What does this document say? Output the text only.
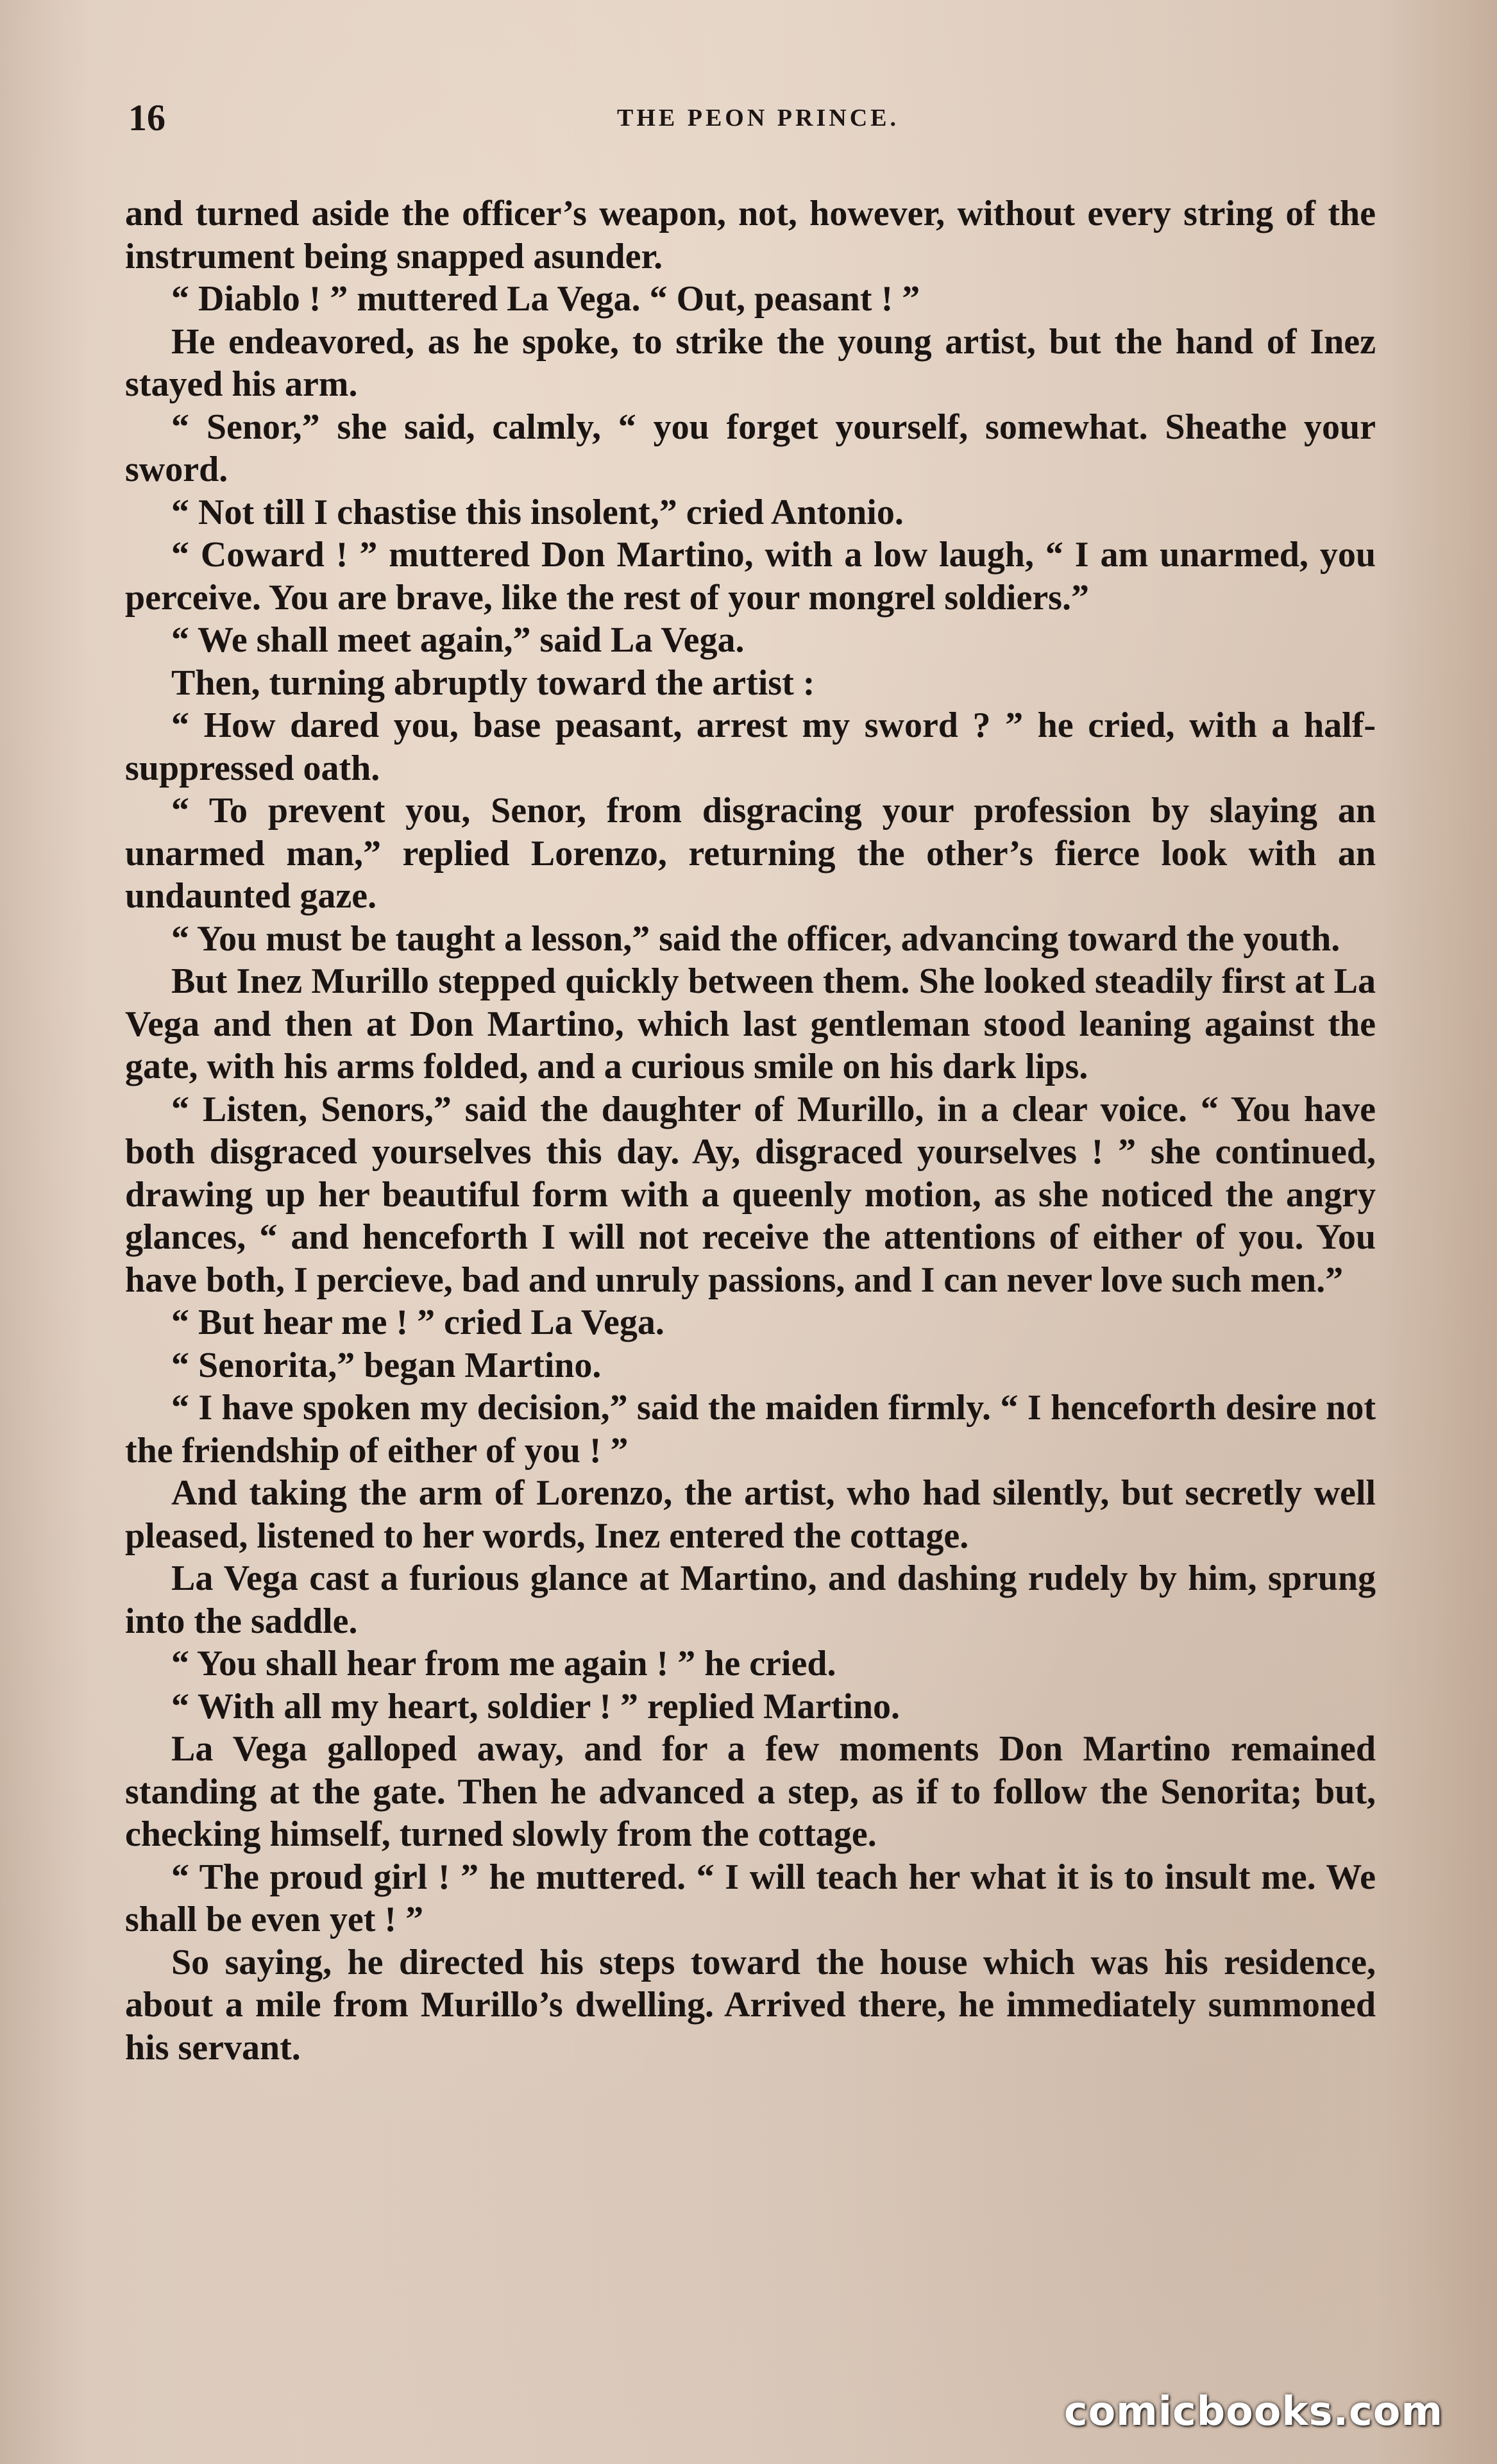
16	THE PEON PRINCE.

and turned aside the officer’s weapon, not, however, without every string of the instrument being snapped asunder.

“ Diablo ! ” muttered La Vega. “ Out, peasant ! ”

He endeavored, as he spoke, to strike the young artist, but the hand of Inez stayed his arm.

“ Senor,” she said, calmly, “ you forget yourself, somewhat. Sheathe your sword.

“ Not till I chastise this insolent,” cried Antonio.

“ Coward ! ” muttered Don Martino, with a low laugh, “ I am unarmed, you perceive. You are brave, like the rest of your mongrel soldiers.”

“ We shall meet again,” said La Vega.

Then, turning abruptly toward the artist :

“ How dared you, base peasant, arrest my sword ? ” he cried, with a half-suppressed oath.

“ To prevent you, Senor, from disgracing your profession by slaying an unarmed man,” replied Lorenzo, returning the other’s fierce look with an undaunted gaze.

“ You must be taught a lesson,” said the officer, advancing toward the youth.

But Inez Murillo stepped quickly between them. She looked steadily first at La Vega and then at Don Martino, which last gentleman stood leaning against the gate, with his arms folded, and a curious smile on his dark lips.

“ Listen, Senors,” said the daughter of Murillo, in a clear voice. “ You have both disgraced yourselves this day. Ay, disgraced yourselves ! ” she continued, drawing up her beautiful form with a queenly motion, as she noticed the angry glances, “ and henceforth I will not receive the attentions of either of you. You have both, I percieve, bad and unruly passions, and I can never love such men.”

“ But hear me ! ” cried La Vega.

“ Senorita,” began Martino.

“ I have spoken my decision,” said the maiden firmly. “ I henceforth desire not the friendship of either of you ! ”

And taking the arm of Lorenzo, the artist, who had silently, but secretly well pleased, listened to her words, Inez entered the cottage.

La Vega cast a furious glance at Martino, and dashing rudely by him, sprung into the saddle.

“ You shall hear from me again ! ” he cried.

“ With all my heart, soldier ! ” replied Martino.

La Vega galloped away, and for a few moments Don Martino remained standing at the gate. Then he advanced a step, as if to follow the Senorita; but, checking himself, turned slowly from the cottage.

“ The proud girl ! ” he muttered. “ I will teach her what it is to insult me. We shall be even yet ! ”

So saying, he directed his steps toward the house which was his residence, about a mile from Murillo’s dwelling. Arrived there, he immediately summoned his servant.

comicbooks.com
